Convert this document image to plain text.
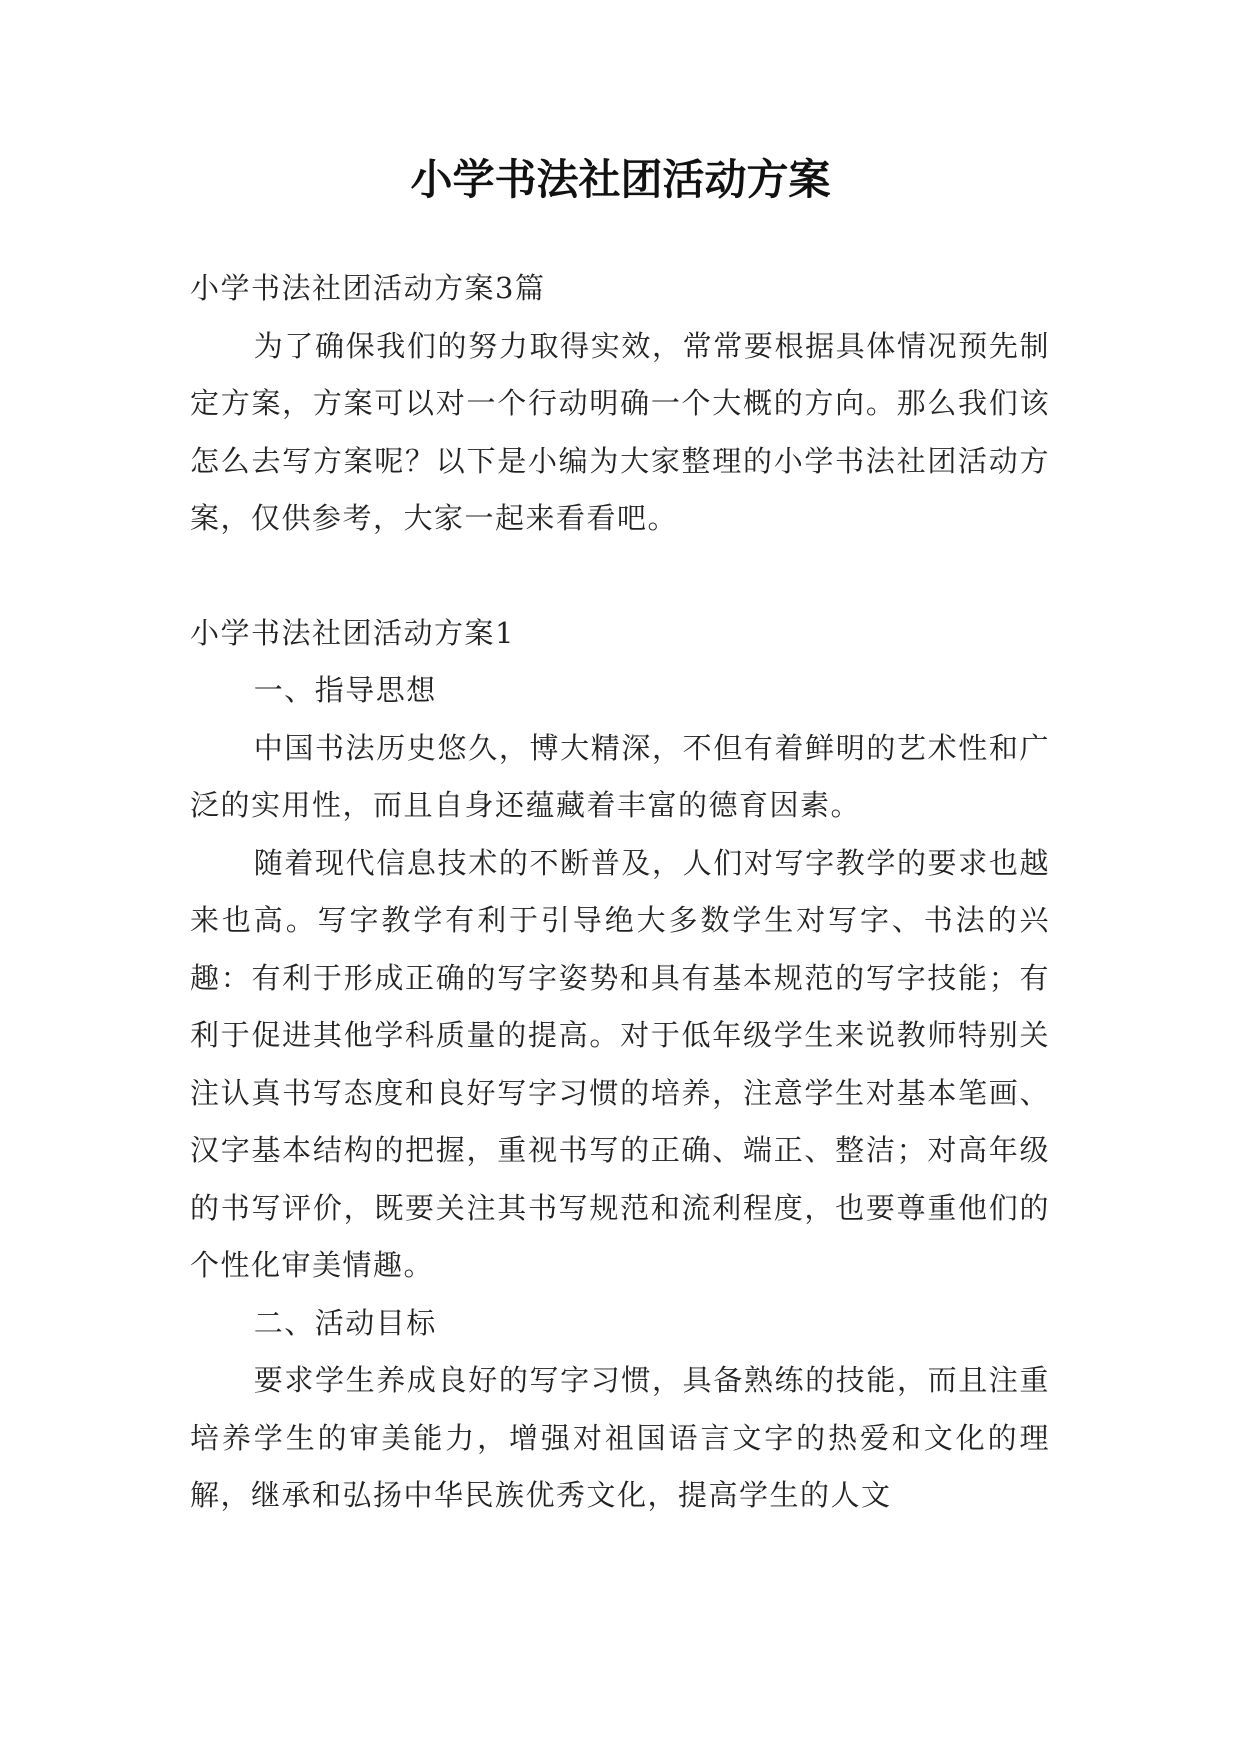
小学书法社团活动方案

小学书法社团活动方案3篇

为了确保我们的努力取得实效，常常要根据具体情况预先制定方案，方案可以对一个行动明确一个大概的方向。那么我们该怎么去写方案呢？以下是小编为大家整理的小学书法社团活动方案，仅供参考，大家一起来看看吧。

小学书法社团活动方案1

一、指导思想

中国书法历史悠久，博大精深，不但有着鲜明的艺术性和广泛的实用性，而且自身还蕴藏着丰富的德育因素。

随着现代信息技术的不断普及，人们对写字教学的要求也越来也高。写字教学有利于引导绝大多数学生对写字、书法的兴趣：有利于形成正确的写字姿势和具有基本规范的写字技能；有利于促进其他学科质量的提高。对于低年级学生来说教师特别关注认真书写态度和良好写字习惯的培养，注意学生对基本笔画、汉字基本结构的把握，重视书写的正确、端正、整洁；对高年级的书写评价，既要关注其书写规范和流利程度，也要尊重他们的个性化审美情趣。

二、活动目标

要求学生养成良好的写字习惯，具备熟练的技能，而且注重培养学生的审美能力，增强对祖国语言文字的热爱和文化的理解，继承和弘扬中华民族优秀文化，提高学生的人文
